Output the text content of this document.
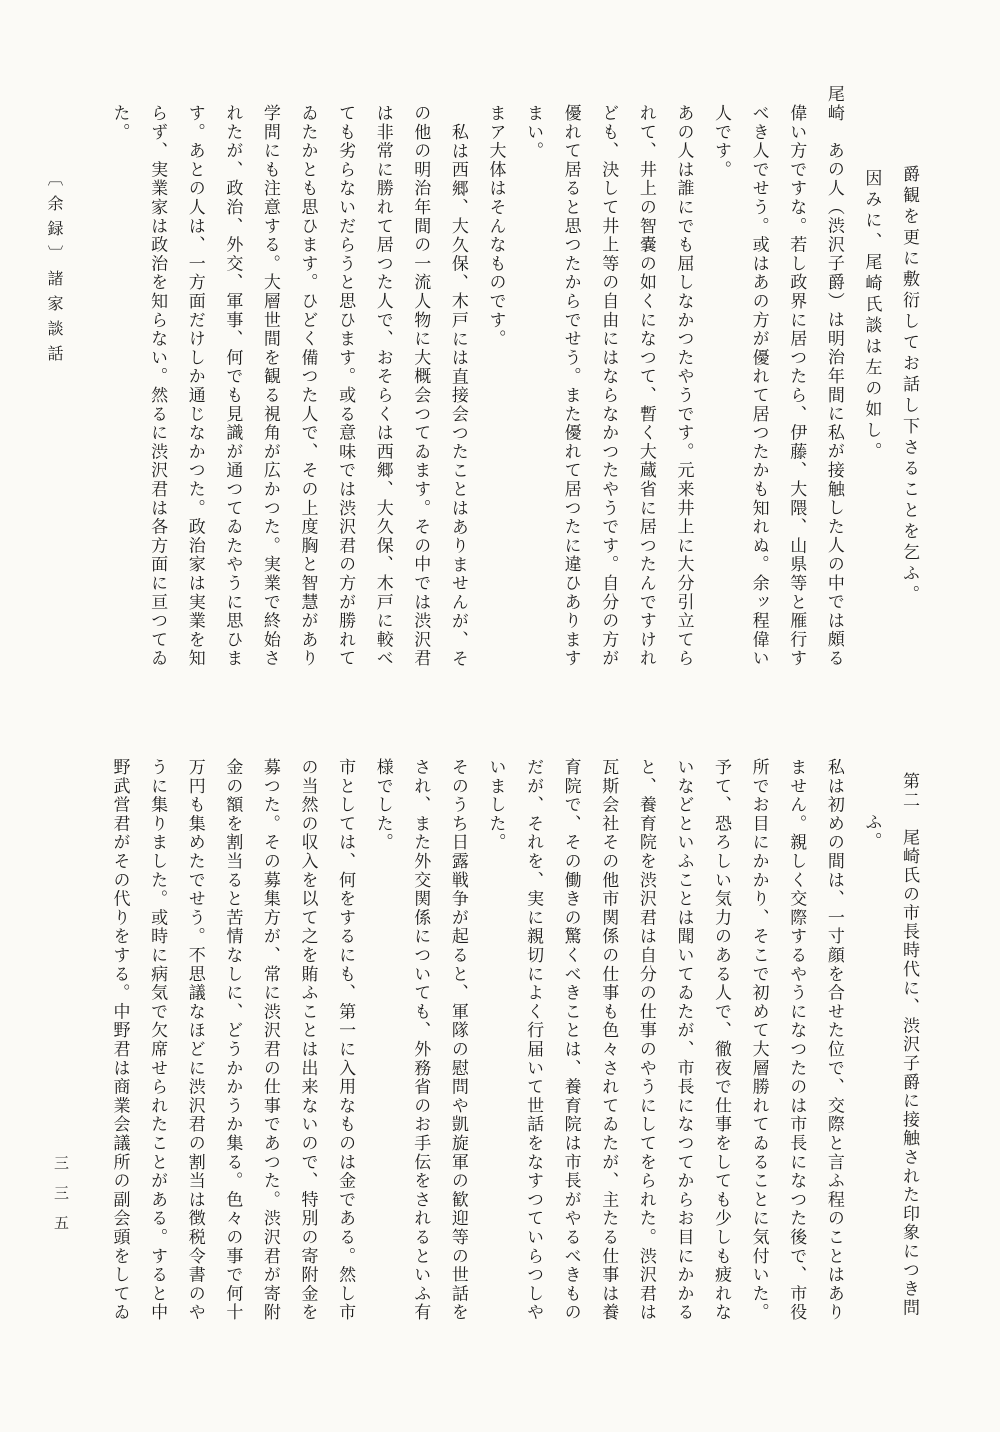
〔余録〕諸家談話	爵観を更に敷衍してお話し下さることを乞ふ。
因みに、尾崎氏談は左の如し。
尾崎　あの人（渋沢子爵）は明治年間に私が接触した人の中では頗る
偉い方ですな。若し政界に居つたら、伊藤、大隈、山県等と雁行す
べき人でせう。或はあの方が優れて居つたかも知れぬ。余ッ程偉い
人です。
あの人は誰にでも屈しなかつたやうです。元来井上に大分引立てら
れて、井上の智嚢の如くになつて、暫く大蔵省に居つたんですけれ
ども、決して井上等の自由にはならなかつたやうです。自分の方が
優れて居ると思つたからでせう。また優れて居つたに違ひあります
まい。
まア大体はそんなものです。
私は西郷、大久保、木戸には直接会つたことはありませんが、そ
の他の明治年間の一流人物に大概会つてゐます。その中では渋沢君
は非常に勝れて居つた人で、おそらくは西郷、大久保、木戸に較べ
ても劣らないだらうと思ひます。或る意味では渋沢君の方が勝れて
ゐたかとも思ひます。ひどく備つた人で、その上度胸と智慧があり
学問にも注意する。大層世間を観る視角が広かつた。実業で終始さ
れたが、政治、外交、軍事、何でも見識が通つてゐたやうに思ひま
す。あとの人は、一方面だけしか通じなかつた。政治家は実業を知
らず、実業家は政治を知らない。然るに渋沢君は各方面に亘つてゐ
た。
第二　尾崎氏の市長時代に、渋沢子爵に接触された印象につき問
ふ。
私は初めの間は、一寸顔を合せた位で、交際と言ふ程のことはあり
ません。親しく交際するやうになつたのは市長になつた後で、市役
所でお目にかかり、そこで初めて大層勝れてゐることに気付いた。
予て、恐ろしい気力のある人で、徹夜で仕事をしても少しも疲れな
いなどといふことは聞いてゐたが、市長になつてからお目にかかる
と、養育院を渋沢君は自分の仕事のやうにしてをられた。渋沢君は
瓦斯会社その他市関係の仕事も色々されてゐたが、主たる仕事は養
育院で、その働きの驚くべきことは、養育院は市長がやるべきもの
だが、それを、実に親切によく行届いて世話をなすつていらつしや
いました。
そのうち日露戦争が起ると、軍隊の慰問や凱旋軍の歓迎等の世話を
され、また外交関係についても、外務省のお手伝をされるといふ有
様でした。
市としては、何をするにも、第一に入用なものは金である。然し市
の当然の収入を以て之を賄ふことは出来ないので、特別の寄附金を
募つた。その募集方が、常に渋沢君の仕事であつた。渋沢君が寄附
金の額を割当ると苦情なしに、どうかかうか集る。色々の事で何十
万円も集めたでせう。不思議なほどに渋沢君の割当は徴税令書のや
うに集りました。或時に病気で欠席せられたことがある。すると中
野武営君がその代りをする。中野君は商業会議所の副会頭をしてゐ
三三五
